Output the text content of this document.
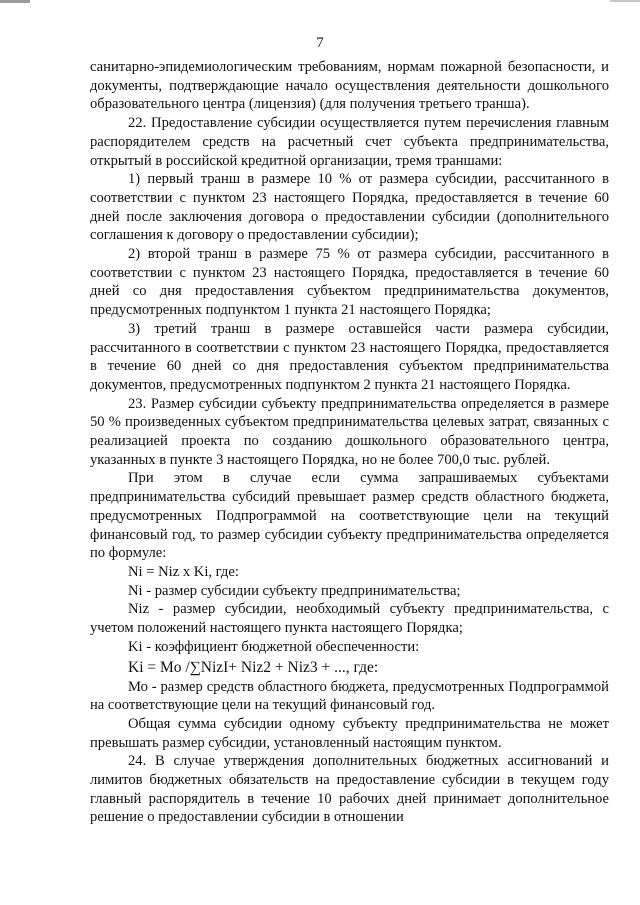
7

санитарно-эпидемиологическим требованиям, нормам пожарной безопасности, и документы, подтверждающие начало осуществления деятельности дошкольного образовательного центра (лицензия) (для получения третьего транша).

22. Предоставление субсидии осуществляется путем перечисления главным распорядителем средств на расчетный счет субъекта предпринимательства, открытый в российской кредитной организации, тремя траншами:

1) первый транш в размере 10 % от размера субсидии, рассчитанного в соответствии с пунктом 23 настоящего Порядка, предоставляется в течение 60 дней после заключения договора о предоставлении субсидии (дополнительного соглашения к договору о предоставлении субсидии);

2) второй транш в размере 75 % от размера субсидии, рассчитанного в соответствии с пунктом 23 настоящего Порядка, предоставляется в течение 60 дней со дня предоставления субъектом предпринимательства документов, предусмотренных подпунктом 1 пункта 21 настоящего Порядка;

3) третий транш в размере оставшейся части размера субсидии, рассчитанного в соответствии с пунктом 23 настоящего Порядка, предоставляется в течение 60 дней со дня предоставления субъектом предпринимательства документов, предусмотренных подпунктом 2 пункта 21 настоящего Порядка.

23. Размер субсидии субъекту предпринимательства определяется в размере 50 % произведенных субъектом предпринимательства целевых затрат, связанных с реализацией проекта по созданию дошкольного образовательного центра, указанных в пункте 3 настоящего Порядка, но не более 700,0 тыс. рублей.

При этом в случае если сумма запрашиваемых субъектами предпринимательства субсидий превышает размер средств областного бюджета, предусмотренных Подпрограммой на соответствующие цели на текущий финансовый год, то размер субсидии субъекту предпринимательства определяется по формуле:

Ni = Niz x Ki, где:

Ni - размер субсидии субъекту предпринимательства;

Niz - размер субсидии, необходимый субъекту предпринимательства, с учетом положений настоящего пункта настоящего Порядка;

Ki - коэффициент бюджетной обеспеченности:

Ki = Mo /∑NizI+ Niz2 + Niz3 + ..., где:

Мо - размер средств областного бюджета, предусмотренных Подпрограммой на соответствующие цели на текущий финансовый год.

Общая сумма субсидии одному субъекту предпринимательства не может превышать размер субсидии, установленный настоящим пунктом.

24. В случае утверждения дополнительных бюджетных ассигнований и лимитов бюджетных обязательств на предоставление субсидии в текущем году главный распорядитель в течение 10 рабочих дней принимает дополнительное решение о предоставлении субсидии в отношении
